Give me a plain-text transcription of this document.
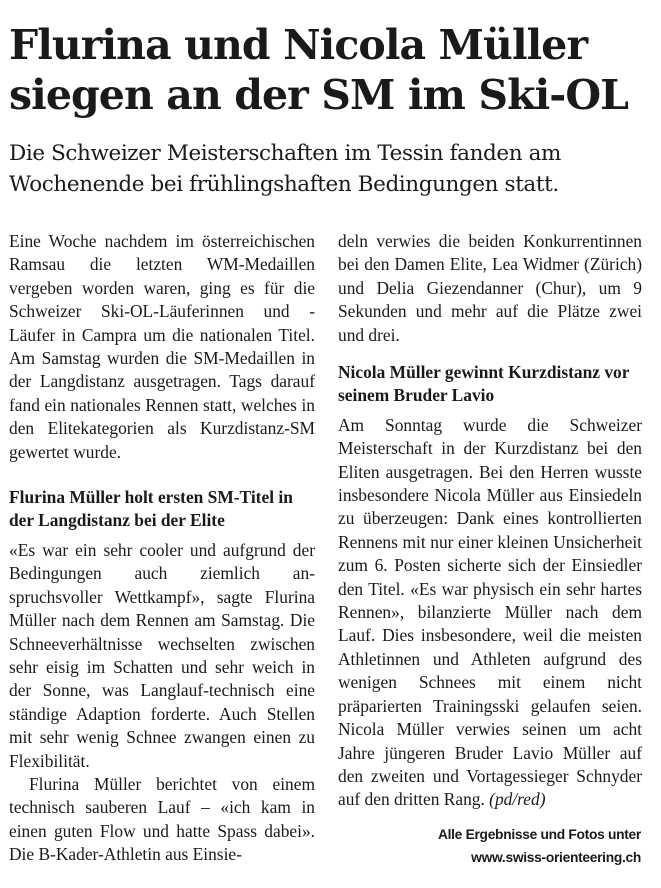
Flurina und Nicola Müller siegen an der SM im Ski-OL

Die Schweizer Meisterschaften im Tessin fanden am Wochenende bei frühlingshaften Bedingungen statt.

Eine Woche nachdem im österreichischen Ramsau die letzten WM-Medaillen vergeben worden waren, ging es für die Schweizer Ski-OL-Läuferinnen und -Läufer in Campra um die nationalen Titel. Am Samstag wurden die SM-Medaillen in der Langdistanz ausgetragen. Tags darauf fand ein nationales Rennen statt, welches in den Elitekategorien als Kurzdistanz-SM gewertet wurde.

Flurina Müller holt ersten SM-Titel in der Langdistanz bei der Elite

«Es war ein sehr cooler und aufgrund der Bedingungen auch ziemlich anspruchsvoller Wettkampf», sagte Flurina Müller nach dem Rennen am Samstag. Die Schneeverhältnisse wechselten zwischen sehr eisig im Schatten und sehr weich in der Sonne, was Langlauf-technisch eine ständige Adaption forderte. Auch Stellen mit sehr wenig Schnee zwangen einen zu Flexibilität.

Flurina Müller berichtet von einem technisch sauberen Lauf – «ich kam in einen guten Flow und hatte Spass dabei». Die B-Kader-Athletin aus Einsie-

deln verwies die beiden Konkurrentinnen bei den Damen Elite, Lea Widmer (Zürich) und Delia Giezendanner (Chur), um 9 Sekunden und mehr auf die Plätze zwei und drei.

Nicola Müller gewinnt Kurzdistanz vor seinem Bruder Lavio

Am Sonntag wurde die Schweizer Meisterschaft in der Kurzdistanz bei den Eliten ausgetragen. Bei den Herren wusste insbesondere Nicola Müller aus Einsiedeln zu überzeugen: Dank eines kontrollierten Rennens mit nur einer kleinen Unsicherheit zum 6. Posten sicherte sich der Einsiedler den Titel. «Es war physisch ein sehr hartes Rennen», bilanzierte Müller nach dem Lauf. Dies insbesondere, weil die meisten Athletinnen und Athleten aufgrund des wenigen Schnees mit einem nicht präparierten Trainingsski gelaufen seien. Nicola Müller verwies seinen um acht Jahre jüngeren Bruder Lavio Müller auf den zweiten und Vortagessieger Schnyder auf den dritten Rang. (pd/red)

Alle Ergebnisse und Fotos unter
www.swiss-orienteering.ch
